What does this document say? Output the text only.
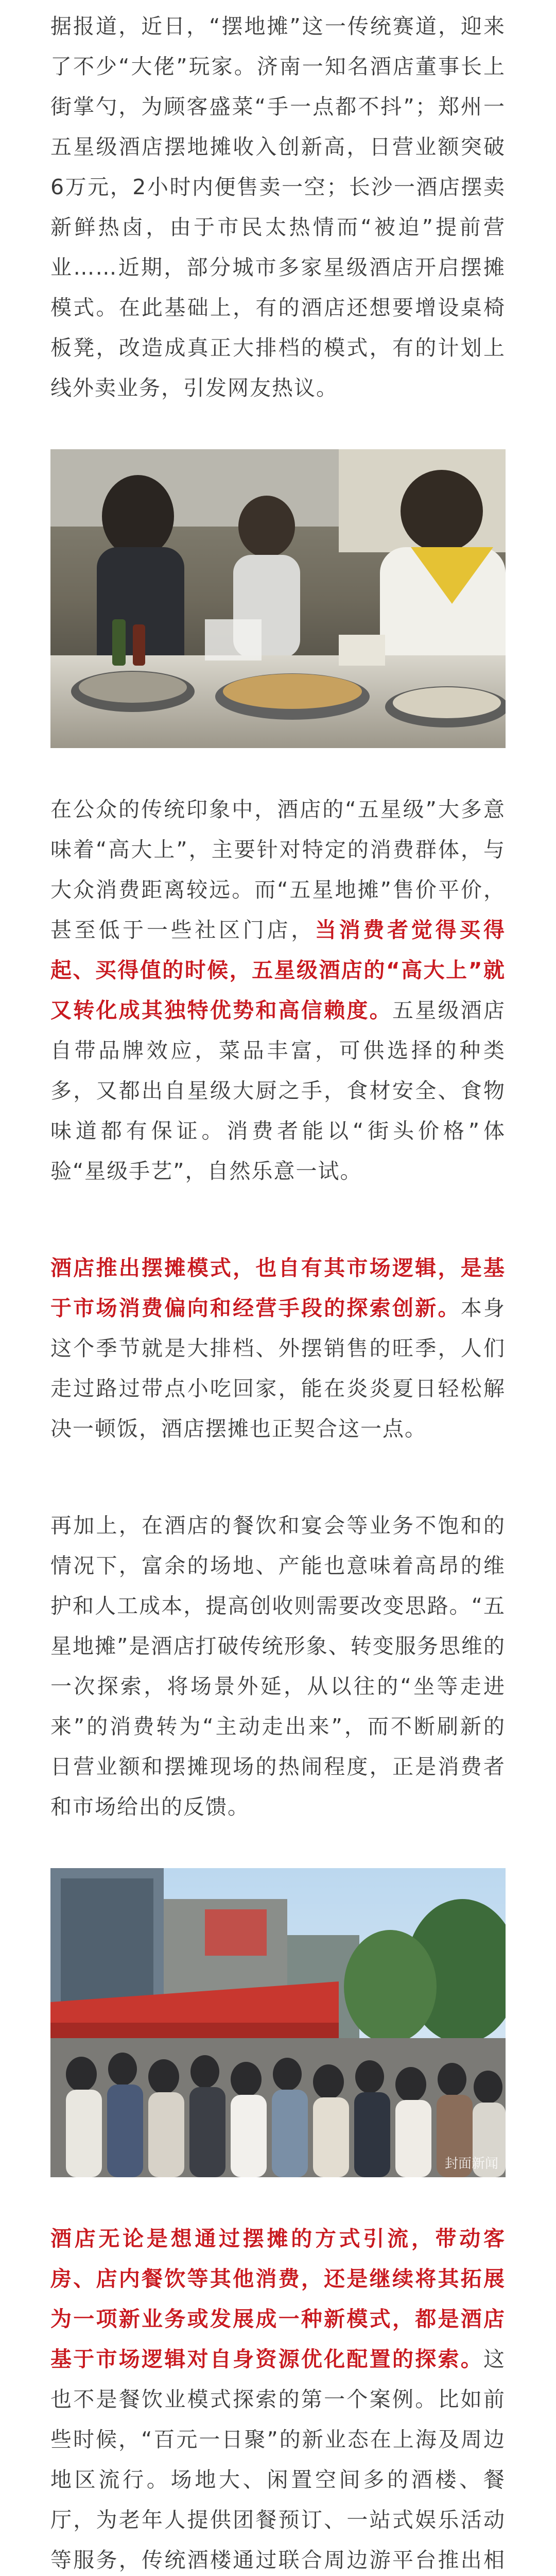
据报道，近日，“摆地摊”这一传统赛道，迎来了不少“大佬”玩家。济南一知名酒店董事长上街掌勺，为顾客盛菜“手一点都不抖”；郑州一五星级酒店摆地摊收入创新高，日营业额突破6万元，2小时内便售卖一空；长沙一酒店摆卖新鲜热卤，由于市民太热情而“被迫”提前营业……近期，部分城市多家星级酒店开启摆摊模式。在此基础上，有的酒店还想要增设桌椅板凳，改造成真正大排档的模式，有的计划上线外卖业务，引发网友热议。

在公众的传统印象中，酒店的“五星级”大多意味着“高大上”，主要针对特定的消费群体，与大众消费距离较远。而“五星地摊”售价平价，甚至低于一些社区门店，当消费者觉得买得起、买得值的时候，五星级酒店的“高大上”就又转化成其独特优势和高信赖度。五星级酒店自带品牌效应，菜品丰富，可供选择的种类多，又都出自星级大厨之手，食材安全、食物味道都有保证。消费者能以“街头价格”体验“星级手艺”，自然乐意一试。

酒店推出摆摊模式，也自有其市场逻辑，是基于市场消费偏向和经营手段的探索创新。本身这个季节就是大排档、外摆销售的旺季，人们走过路过带点小吃回家，能在炎炎夏日轻松解决一顿饭，酒店摆摊也正契合这一点。

再加上，在酒店的餐饮和宴会等业务不饱和的情况下，富余的场地、产能也意味着高昂的维护和人工成本，提高创收则需要改变思路。“五星地摊”是酒店打破传统形象、转变服务思维的一次探索，将场景外延，从以往的“坐等走进来”的消费转为“主动走出来”，而不断刷新的日营业额和摆摊现场的热闹程度，正是消费者和市场给出的反馈。

封面新闻

酒店无论是想通过摆摊的方式引流，带动客房、店内餐饮等其他消费，还是继续将其拓展为一项新业务或发展成一种新模式，都是酒店基于市场逻辑对自身资源优化配置的探索。这也不是餐饮业模式探索的第一个案例。比如前些时候，“百元一日聚”的新业态在上海及周边地区流行。场地大、闲置空间多的酒楼、餐厅，为老年人提供团餐预订、一站式娱乐活动等服务，传统酒楼通过联合周边游平台推出相
